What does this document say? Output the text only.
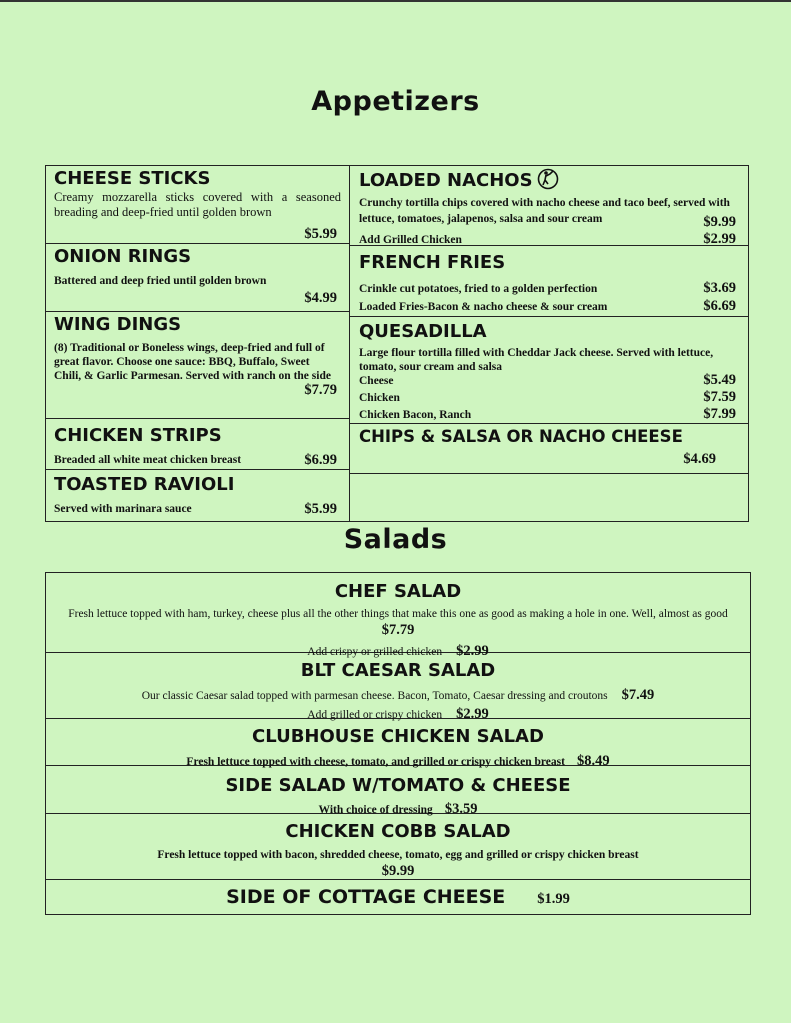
Appetizers
CHEESE STICKS
Creamy mozzarella sticks covered with a seasoned breading and deep-fried until golden brown
$5.99
ONION RINGS
Battered and deep fried until golden brown
$4.99
WING DINGS
(8) Traditional or Boneless wings, deep-fried and full of great flavor. Choose one sauce: BBQ, Buffalo, Sweet Chili, & Garlic Parmesan. Served with ranch on the side
$7.79
CHICKEN STRIPS
Breaded all white meat chicken breast	$6.99
TOASTED RAVIOLI
Served with marinara sauce	$5.99
LOADED NACHOS
Crunchy tortilla chips covered with nacho cheese and taco beef, served with lettuce, tomatoes, jalapenos, salsa and sour cream	$9.99
Add Grilled Chicken	$2.99
FRENCH FRIES
Crinkle cut potatoes, fried to a golden perfection	$3.69
Loaded Fries-Bacon & nacho cheese & sour cream	$6.69
QUESADILLA
Large flour tortilla filled with Cheddar Jack cheese. Served with lettuce, tomato, sour cream and salsa
Cheese	$5.49
Chicken	$7.59
Chicken Bacon, Ranch	$7.99
CHIPS & SALSA OR NACHO CHEESE
$4.69
Salads
CHEF SALAD
Fresh lettuce topped with ham, turkey, cheese plus all the other things that make this one as good as making a hole in one. Well, almost as good
$7.79
Add crispy or grilled chicken $2.99
BLT CAESAR SALAD
Our classic Caesar salad topped with parmesan cheese. Bacon, Tomato, Caesar dressing and croutons $7.49
Add grilled or crispy chicken $2.99
CLUBHOUSE CHICKEN SALAD
Fresh lettuce topped with cheese, tomato, and grilled or crispy chicken breast $8.49
SIDE SALAD W/TOMATO & CHEESE
With choice of dressing $3.59
CHICKEN COBB SALAD
Fresh lettuce topped with bacon, shredded cheese, tomato, egg and grilled or crispy chicken breast
$9.99
SIDE OF COTTAGE CHEESE $1.99
